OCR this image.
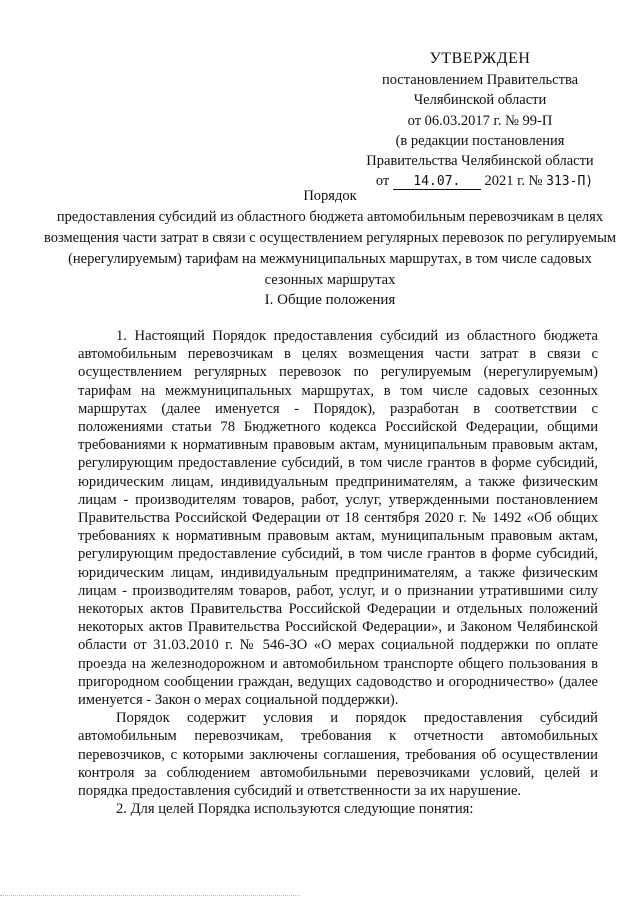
УТВЕРЖДЕН
постановлением Правительства
Челябинской области
от 06.03.2017 г. № 99-П
(в редакции постановления
Правительства Челябинской области
от 14.07. 2021 г. № 313-П)
Порядок
предоставления субсидий из областного бюджета автомобильным перевозчикам в целях возмещения части затрат в связи с осуществлением регулярных перевозок по регулируемым (нерегулируемым) тарифам на межмуниципальных маршрутах, в том числе садовых сезонных маршрутах
I. Общие положения

1. Настоящий Порядок предоставления субсидий из областного бюджета автомобильным перевозчикам в целях возмещения части затрат в связи с осуществлением регулярных перевозок по регулируемым (нерегулируемым) тарифам на межмуниципальных маршрутах, в том числе садовых сезонных маршрутах (далее именуется - Порядок), разработан в соответствии с положениями статьи 78 Бюджетного кодекса Российской Федерации, общими требованиями к нормативным правовым актам, муниципальным правовым актам, регулирующим предоставление субсидий, в том числе грантов в форме субсидий, юридическим лицам, индивидуальным предпринимателям, а также физическим лицам - производителям товаров, работ, услуг, утвержденными постановлением Правительства Российской Федерации от 18 сентября 2020 г. № 1492 «Об общих требованиях к нормативным правовым актам, муниципальным правовым актам, регулирующим предоставление субсидий, в том числе грантов в форме субсидий, юридическим лицам, индивидуальным предпринимателям, а также физическим лицам - производителям товаров, работ, услуг, и о признании утратившими силу некоторых актов Правительства Российской Федерации и отдельных положений некоторых актов Правительства Российской Федерации», и Законом Челябинской области от 31.03.2010 г. № 546-ЗО «О мерах социальной поддержки по оплате проезда на железнодорожном и автомобильном транспорте общего пользования в пригородном сообщении граждан, ведущих садоводство и огородничество» (далее именуется - Закон о мерах социальной поддержки).

Порядок содержит условия и порядок предоставления субсидий автомобильным перевозчикам, требования к отчетности автомобильных перевозчиков, с которыми заключены соглашения, требования об осуществлении контроля за соблюдением автомобильными перевозчиками условий, целей и порядка предоставления субсидий и ответственности за их нарушение.

2. Для целей Порядка используются следующие понятия:
